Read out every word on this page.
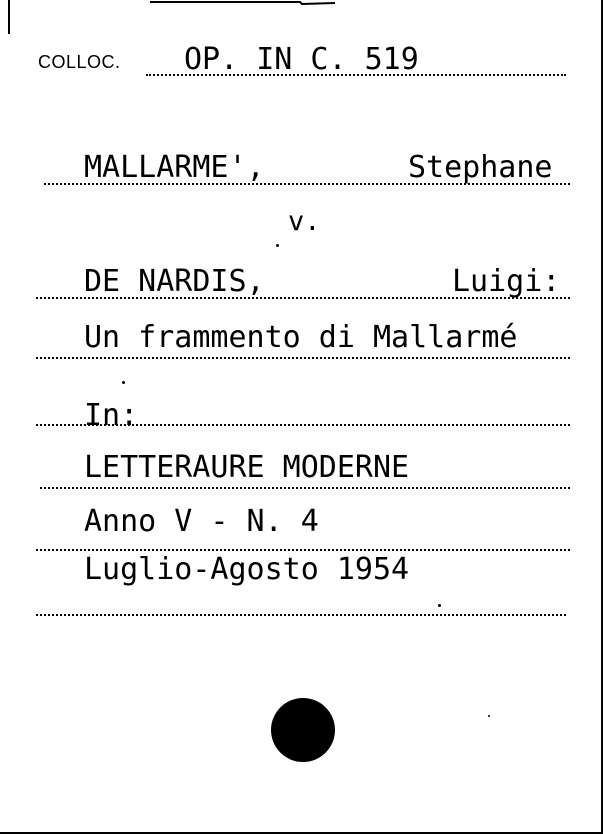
COLLOC. OP. IN C. 519
MALLARME',	Stephane
v.
DE NARDIS,	Luigi:
Un frammento di Mallarmé
In:
LETTERAURE MODERNE
Anno V - N. 4
Luglio-Agosto 1954
